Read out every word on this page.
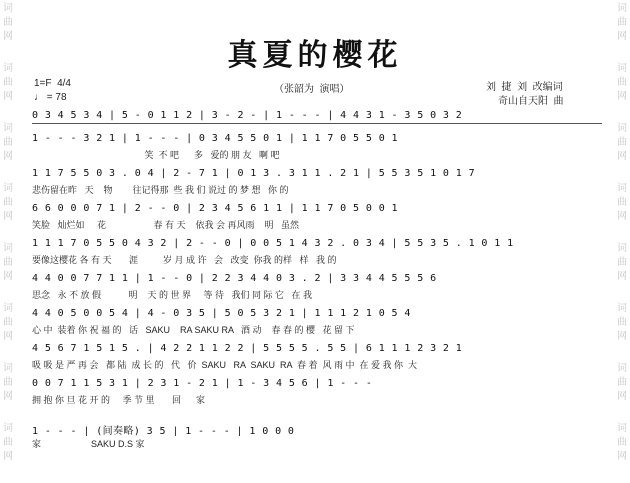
词
曲
网
词
曲
网
词
曲
网
词
曲
网
词
曲
网
词
曲
网
词
曲
网
词
曲
网
词
曲
网
词
曲
网
词
曲
网
词
曲
网
词
曲
网
词
曲
网
词
曲
网
词
曲
网
真夏的樱花
1=F  4/4
♩ = 78
（张韶为  演唱）	刘  捷  刘  改编词
奇山自天阳  曲
0 3 4 5 3 4 | 5 - 0 1 1 2 | 3 - 2 - | 1 - - - | 4 4 3 1 - 3 5 0 3 2
1 - - - 3 2 1 | 1 - - - | 0 3 4 5 5 0 1 | 1 1 7 0 5 5 0 1
笑  不 吧      多   爱的 朋 友   啊 吧
1 1 7 5 5 0 3 . 0 4 | 2 - 7 1 | 0 1 3 . 3 1 1 . 2 1 | 5 5 3 5 1 0 1 7
悲伤留在昨   天    物        往记得那  些 我 们 说过 的 梦 想   你 的
6 6 0 0 0 7 1 | 2 - - 0 | 2 3 4 5 6 1 1 | 1 1 7 0 5 0 0 1
笑脸   灿烂如     花                   春 有 天    依我 会 再风雨    明   虽然
1 1 1 7 0 5 5 0 4 3 2 | 2 - - 0 | 0 0 5 1 4 3 2 . 0 3 4 | 5 5 3 5 . 1 0 1 1
要像这樱花 各 有 天       涯          岁 月 成 许   会   改变  你我 的样   样   我 的
4 4 0 0 7 7 1 1 | 1 - - 0 | 2 2 3 4 4 0 3 . 2 | 3 3 4 4 5 5 5 6
思念   永 不 放 假           明    天 的 世 界     等 待   我们 同 际 它   在 我
4 4 0 5 0 0 5 4 | 4 - 0 3 5 | 5 0 5 3 2 1 | 1 1 1 2 1 0 5 4
心 中  装着 你 祝 福 的   话   SAKU    RA SAKU RA   酒 动    春 春 的 樱   花 留 下
4 5 6 7 1 5 1 5 . | 4 2 2 1 1 2 2 | 5 5 5 5 . 5 5 | 6 1 1 1 2 3 2 1
吸 吸 是 严 再 会   都 陆  成 长 的   代   价  SAKU   RA  SAKU  RA  春 着  风 雨 中  在 爱 我 你  大
0 0 7 1 1 5 3 1 | 2 3 1 - 2 1 | 1 - 3 4 5 6 | 1 - - -
拥 抱 你 旦 花 开 的     季 节 里       回      家
1 - - - | (间奏略) 3 5 | 1 - - - | 1 0 0 0
家                    SAKU D.S 家
